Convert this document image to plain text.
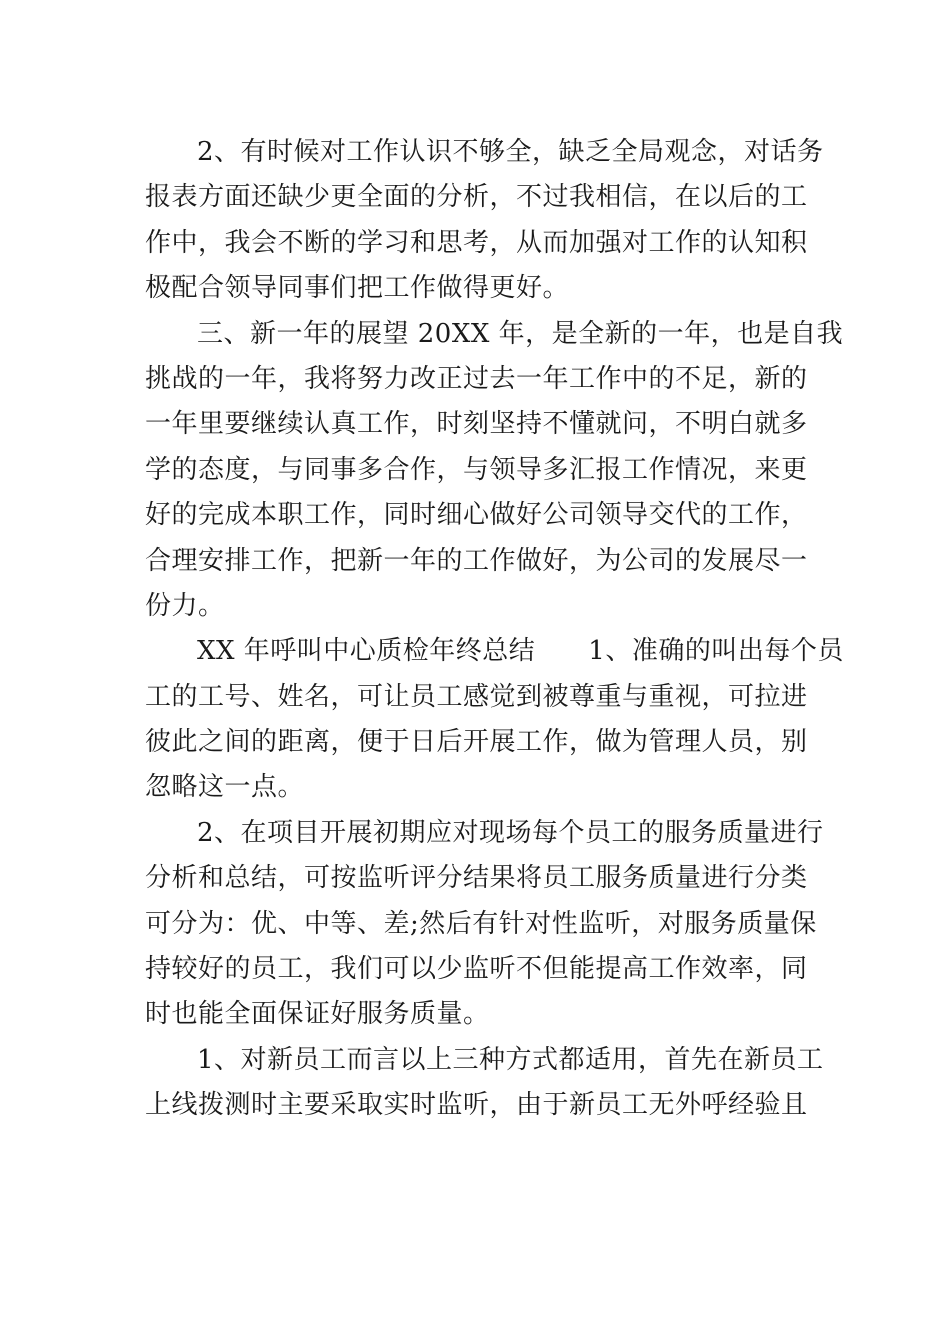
2、有时候对工作认识不够全，缺乏全局观念，对话务
报表方面还缺少更全面的分析，不过我相信，在以后的工
作中，我会不断的学习和思考，从而加强对工作的认知积
极配合领导同事们把工作做得更好。
三、新一年的展望 20XX 年，是全新的一年，也是自我
挑战的一年，我将努力改正过去一年工作中的不足，新的
一年里要继续认真工作，时刻坚持不懂就问，不明白就多
学的态度，与同事多合作，与领导多汇报工作情况，来更
好的完成本职工作，同时细心做好公司领导交代的工作，
合理安排工作，把新一年的工作做好，为公司的发展尽一
份力。
XX 年呼叫中心质检年终总结　　1、准确的叫出每个员
工的工号、姓名，可让员工感觉到被尊重与重视，可拉进
彼此之间的距离，便于日后开展工作，做为管理人员，别
忽略这一点。
2、在项目开展初期应对现场每个员工的服务质量进行
分析和总结，可按监听评分结果将员工服务质量进行分类
可分为：优、中等、差;然后有针对性监听，对服务质量保
持较好的员工，我们可以少监听不但能提高工作效率，同
时也能全面保证好服务质量。
1、对新员工而言以上三种方式都适用，首先在新员工
上线拨测时主要采取实时监听，由于新员工无外呼经验且
